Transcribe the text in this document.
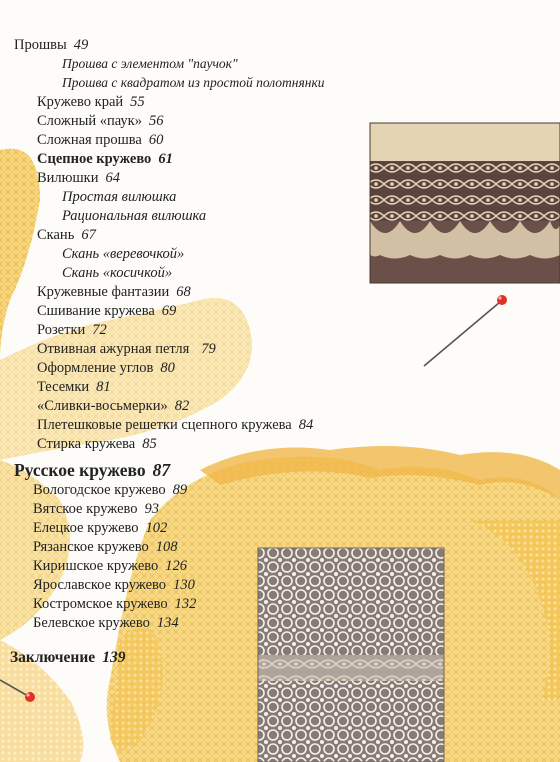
Прошвы 49
Прошва с элементом "паучок"
Прошва с квадратом из простой полотнянки
Кружево край 55
Сложный «паук» 56
Сложная прошва 60
Сцепное кружево 61
Вилюшки 64
Простая вилюшка
Рациональная вилюшка
Скань 67
Скань «веревочкой»
Скань «косичкой»
Кружевные фантазии 68
Сшивание кружева 69
Розетки 72
Отвивная ажурная петля 79
Оформление углов 80
Тесемки 81
«Сливки-восьмерки» 82
Плетешковые решетки сцепного кружева 84
Стирка кружева 85
Русское кружево 87
Вологодское кружево 89
Вятское кружево 93
Елецкое кружево 102
Рязанское кружево 108
Киришское кружево 126
Ярославское кружево 130
Костромское кружево 132
Белевское кружево 134
Заключение 139
